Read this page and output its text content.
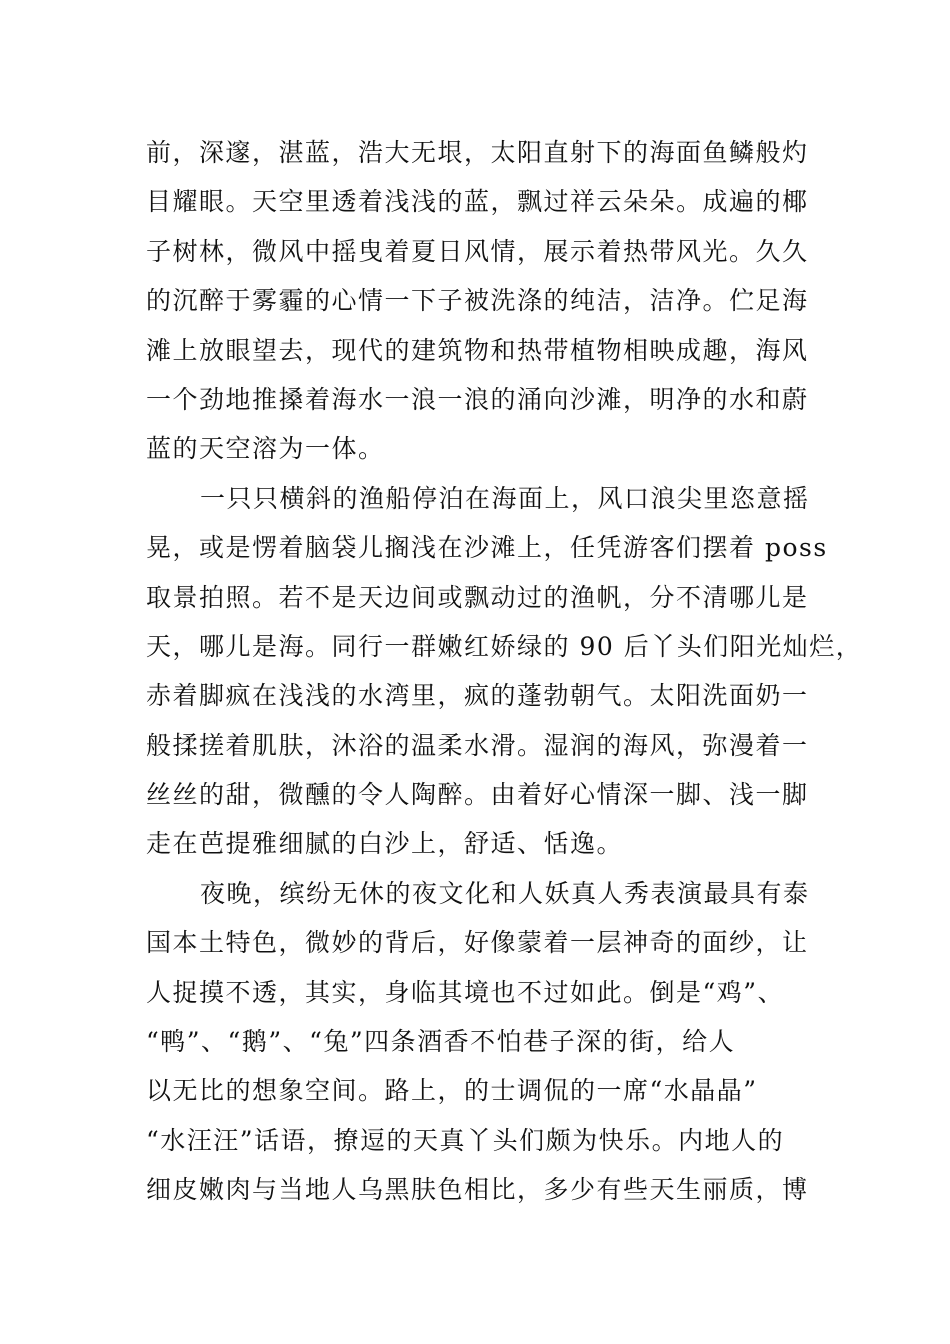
前，深邃，湛蓝，浩大无垠，太阳直射下的海面鱼鳞般灼
目耀眼。天空里透着浅浅的蓝，飘过祥云朵朵。成遍的椰
子树林，微风中摇曳着夏日风情，展示着热带风光。久久
的沉醉于雾霾的心情一下子被洗涤的纯洁，洁净。伫足海
滩上放眼望去，现代的建筑物和热带植物相映成趣，海风
一个劲地推搡着海水一浪一浪的涌向沙滩，明净的水和蔚
蓝的天空溶为一体。
一只只横斜的渔船停泊在海面上，风口浪尖里恣意摇
晃，或是愣着脑袋儿搁浅在沙滩上，任凭游客们摆着 poss
取景拍照。若不是天边间或飘动过的渔帆，分不清哪儿是
天，哪儿是海。同行一群嫩红娇绿的 90 后丫头们阳光灿烂，
赤着脚疯在浅浅的水湾里，疯的蓬勃朝气。太阳洗面奶一
般揉搓着肌肤，沐浴的温柔水滑。湿润的海风，弥漫着一
丝丝的甜，微醺的令人陶醉。由着好心情深一脚、浅一脚
走在芭提雅细腻的白沙上，舒适、恬逸。
夜晚，缤纷无休的夜文化和人妖真人秀表演最具有泰
国本土特色，微妙的背后，好像蒙着一层神奇的面纱，让
人捉摸不透，其实，身临其境也不过如此。倒是“鸡”、
“鸭”、“鹅”、“兔”四条酒香不怕巷子深的街，给人
以无比的想象空间。路上，的士调侃的一席“水晶晶”
“水汪汪”话语，撩逗的天真丫头们颇为快乐。内地人的
细皮嫩肉与当地人乌黑肤色相比，多少有些天生丽质，博
